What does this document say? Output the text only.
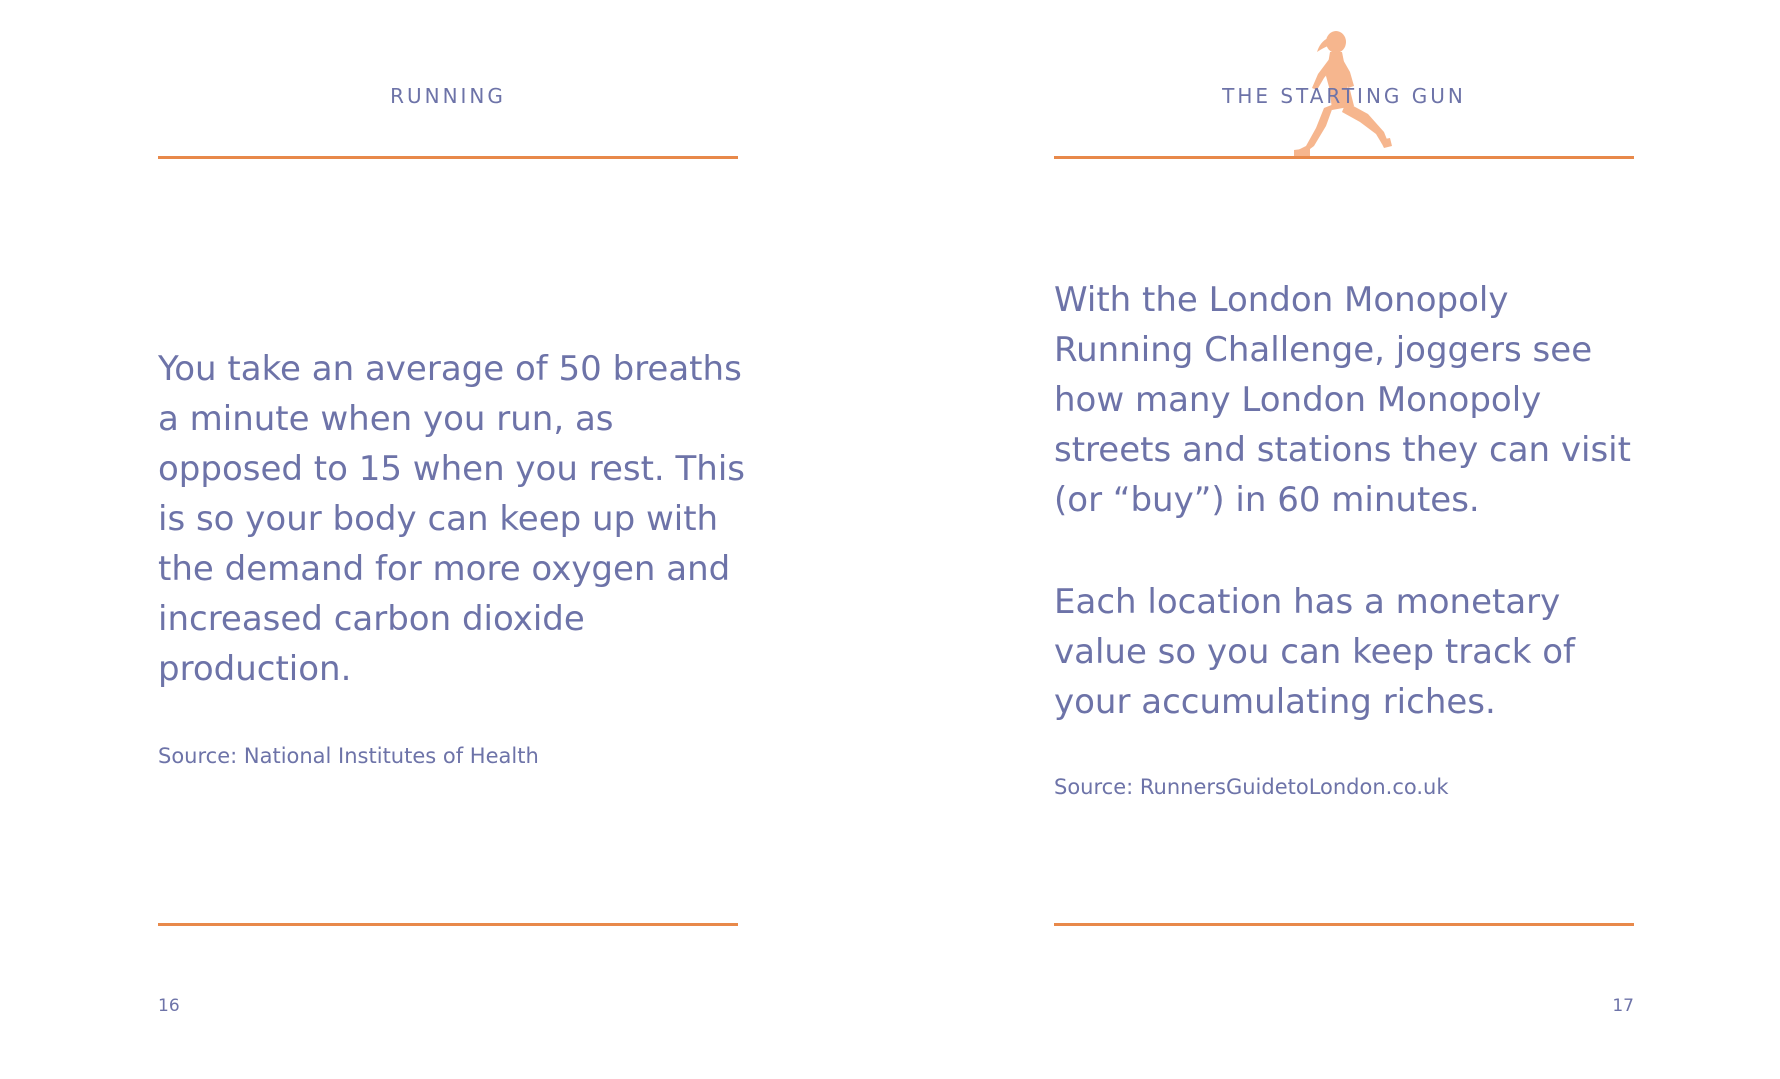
RUNNING

You take an average of 50 breaths a minute when you run, as opposed to 15 when you rest. This is so your body can keep up with the demand for more oxygen and increased carbon dioxide production.

Source: National Institutes of Health

16
THE STARTING GUN

With the London Monopoly Running Challenge, joggers see how many London Monopoly streets and stations they can visit (or “buy”) in 60 minutes.

Each location has a monetary value so you can keep track of your accumulating riches.

Source: RunnersGuidetoLondon.co.uk

17
